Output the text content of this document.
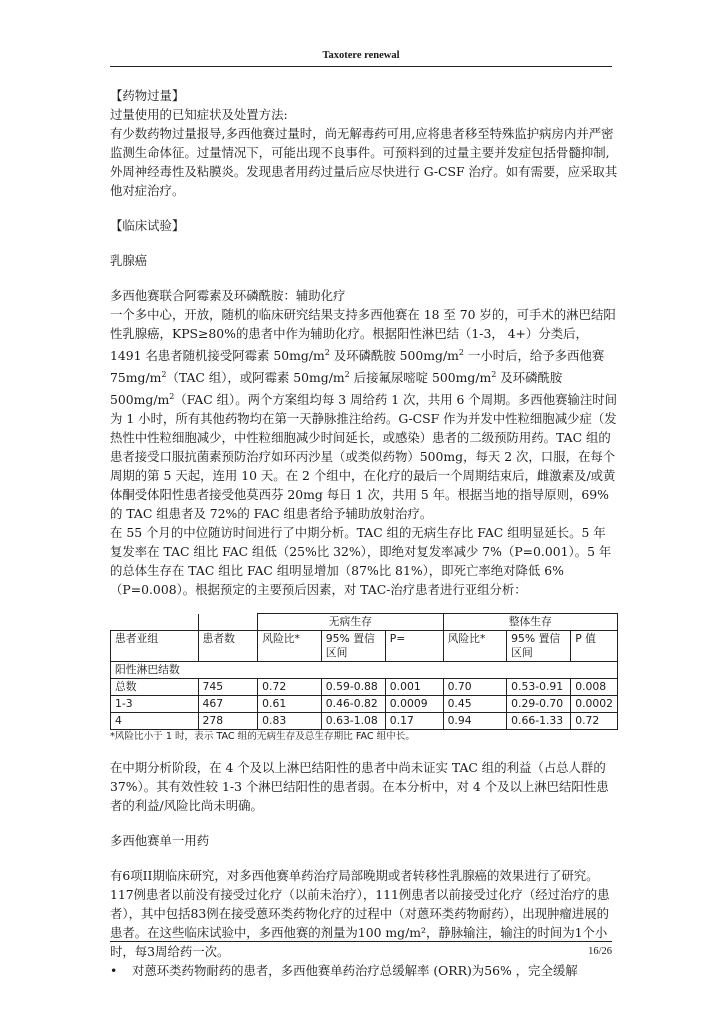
Taxotere renewal

【药物过量】

过量使用的已知症状及处置方法:

有少数药物过量报导,多西他赛过量时，尚无解毒药可用,应将患者移至特殊监护病房内并严密监测生命体征。过量情况下，可能出现不良事件。可预料到的过量主要并发症包括骨髓抑制,外周神经毒性及粘膜炎。发现患者用药过量后应尽快进行 G-CSF 治疗。如有需要，应采取其他对症治疗。

【临床试验】

乳腺癌

多西他赛联合阿霉素及环磷酰胺：辅助化疗

一个多中心，开放，随机的临床研究结果支持多西他赛在 18 至 70 岁的，可手术的淋巴结阳性乳腺癌，KPS≥80%的患者中作为辅助化疗。根据阳性淋巴结（1-3， 4+）分类后，1491 名患者随机接受阿霉素 $50mg/m^2$ 及环磷酰胺 $500mg/m^2$ 一小时后，给予多西他赛 $75mg/m^2(TAC$ 组），或阿霉素 $50mg/m^2$ 后接氟尿嘧啶 $500mg/m^2$ 及环磷酰胺 $500mg/m^2(FAC$ 组）。两个方案组均每 3 周给药 1 次，共用 6 个周期。多西他赛输注时间为 1 小时，所有其他药物均在第一天静脉推注给药。G-CSF 作为并发中性粒细胞减少症（发热性中性粒细胞减少，中性粒细胞减少时间延长，或感染）患者的二级预防用药。TAC 组的患者接受口服抗菌素预防治疗如环丙沙星（或类似药物）500mg，每天 2 次，口服，在每个周期的第 5 天起，连用 10 天。在 2 个组中，在化疗的最后一个周期结束后，雌激素及/或黄体酮受体阳性患者接受他莫西芬 20mg 每日 1 次，共用 5 年。根据当地的指导原则，69%的 TAC 组患者及 72%的 FAC 组患者给予辅助放射治疗。

在 55 个月的中位随访时间进行了中期分析。TAC 组的无病生存比 FAC 组明显延长。5 年复发率在 TAC 组比 FAC 组低（25%比 32%），即绝对复发率减少 7%（P=0.001）。5 年的总体生存在 TAC 组比 FAC 组明显增加（87%比 81%），即死亡率绝对降低 6%（P=0.008）。根据预定的主要预后因素，对 TAC-治疗患者进行亚组分析：

		无病生存			整体生存		
患者亚组	患者数	风险比*	95% 置信区间	P=	风险比*	95% 置信区间	P 值
阳性淋巴结数							
总数	745	0.72	0.59-0.88	0.001	0.70	0.53-0.91	0.008
1-3	467	0.61	0.46-0.82	0.0009	0.45	0.29-0.70	0.0002
4	278	0.83	0.63-1.08	0.17	0.94	0.66-1.33	0.72

*风险比小于 1 时，表示 TAC 组的无病生存及总生存期比 FAC 组中长。

在中期分析阶段，在 4 个及以上淋巴结阳性的患者中尚未证实 TAC 组的利益（占总人群的 37%）。其有效性较 1-3 个淋巴结阳性的患者弱。在本分析中，对 4 个及以上淋巴结阳性患者的利益/风险比尚未明确。

多西他赛单一用药

有6项II期临床研究，对多西他赛单药治疗局部晚期或者转移性乳腺癌的效果进行了研究。117例患者以前没有接受过化疗（以前未治疗），111例患者以前接受过化疗（经过治疗的患者），其中包括83例在接受蒽环类药物化疗的过程中（对蒽环类药物耐药），出现肿瘤进展的患者。在这些临床试验中，多西他赛的剂量为100 mg/m²，静脉输注，输注的时间为1个小时，每3周给药一次。

• 对蒽环类药物耐药的患者，多西他赛单药治疗总缓解率 (ORR)为56% ，完全缓解

16/26
